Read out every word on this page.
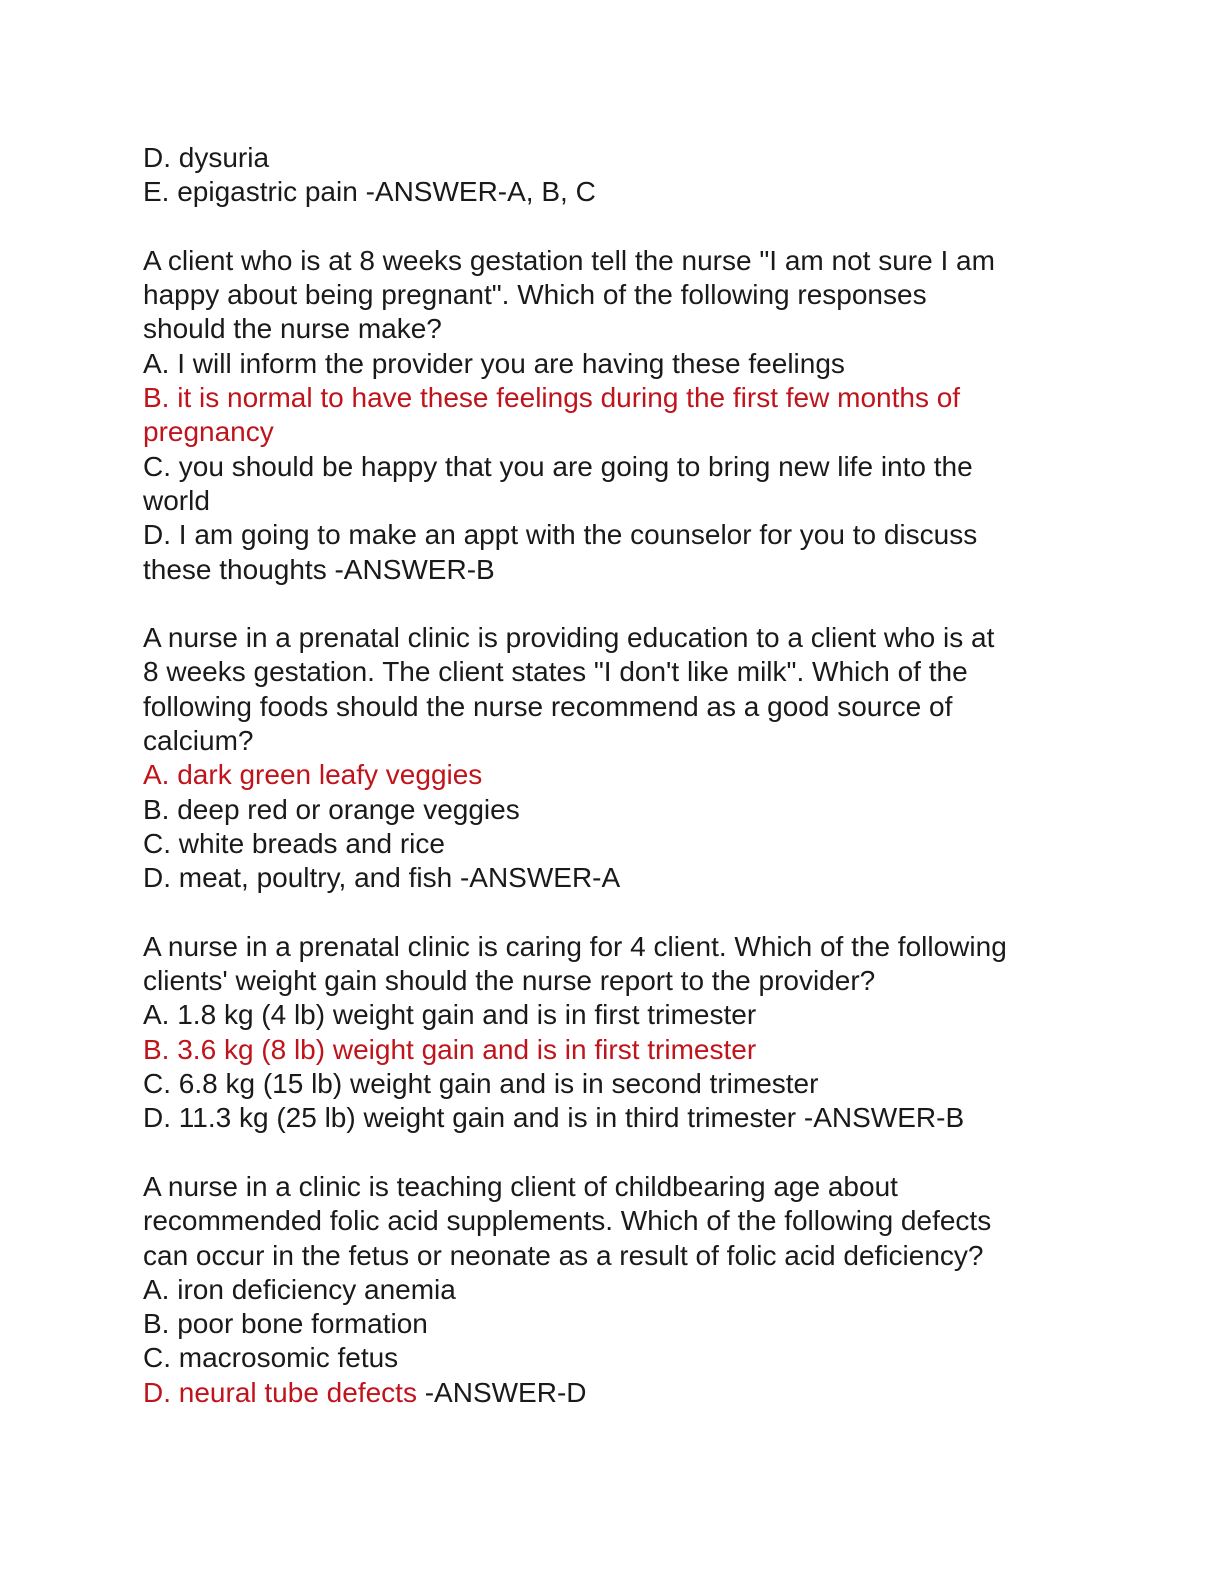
D. dysuria

E. epigastric pain -ANSWER-A, B, C

A client who is at 8 weeks gestation tell the nurse "I am not sure I am

happy about being pregnant". Which of the following responses

should the nurse make?

A. I will inform the provider you are having these feelings

B. it is normal to have these feelings during the first few months of

pregnancy

C. you should be happy that you are going to bring new life into the

world

D. I am going to make an appt with the counselor for you to discuss

these thoughts -ANSWER-B

A nurse in a prenatal clinic is providing education to a client who is at

8 weeks gestation. The client states "I don't like milk". Which of the

following foods should the nurse recommend as a good source of

calcium?

A. dark green leafy veggies

B. deep red or orange veggies

C. white breads and rice

D. meat, poultry, and fish -ANSWER-A

A nurse in a prenatal clinic is caring for 4 client. Which of the following

clients' weight gain should the nurse report to the provider?

A. 1.8 kg (4 lb) weight gain and is in first trimester

B. 3.6 kg (8 lb) weight gain and is in first trimester

C. 6.8 kg (15 lb) weight gain and is in second trimester

D. 11.3 kg (25 lb) weight gain and is in third trimester -ANSWER-B

A nurse in a clinic is teaching client of childbearing age about

recommended folic acid supplements. Which of the following defects

can occur in the fetus or neonate as a result of folic acid deficiency?

A. iron deficiency anemia

B. poor bone formation

C. macrosomic fetus

D. neural tube defects -ANSWER-D
